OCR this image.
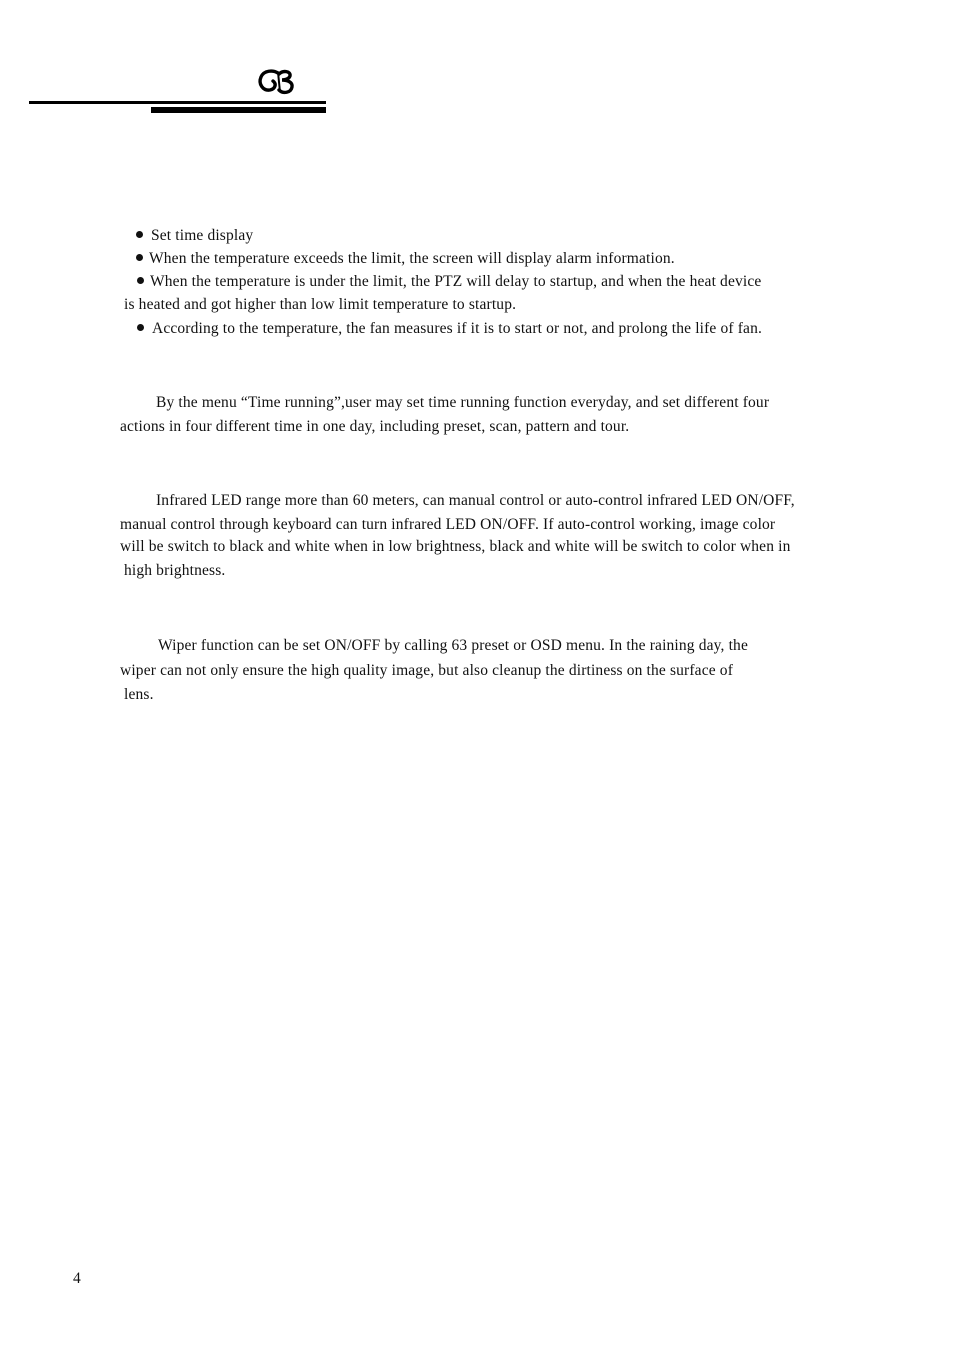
Set time display
When the temperature exceeds the limit, the screen will display alarm information.
When the temperature is under the limit, the PTZ will delay to startup, and when the heat device
is heated and got higher than low limit temperature to startup.
According to the temperature, the fan measures if it is to start or not, and prolong the life of fan.
By the menu “Time running”,user may set time running function everyday, and set different four
actions in four different time in one day, including preset, scan, pattern and tour.
Infrared LED range more than 60 meters, can manual control or auto-control infrared LED ON/OFF,
manual control through keyboard can turn infrared LED ON/OFF. If auto-control working, image color
will be switch to black and white when in low brightness, black and white will be switch to color when in
high brightness.
Wiper function can be set ON/OFF by calling 63 preset or OSD menu. In the raining day, the
wiper can not only ensure the high quality image, but also cleanup the dirtiness on the surface of
lens.
4
